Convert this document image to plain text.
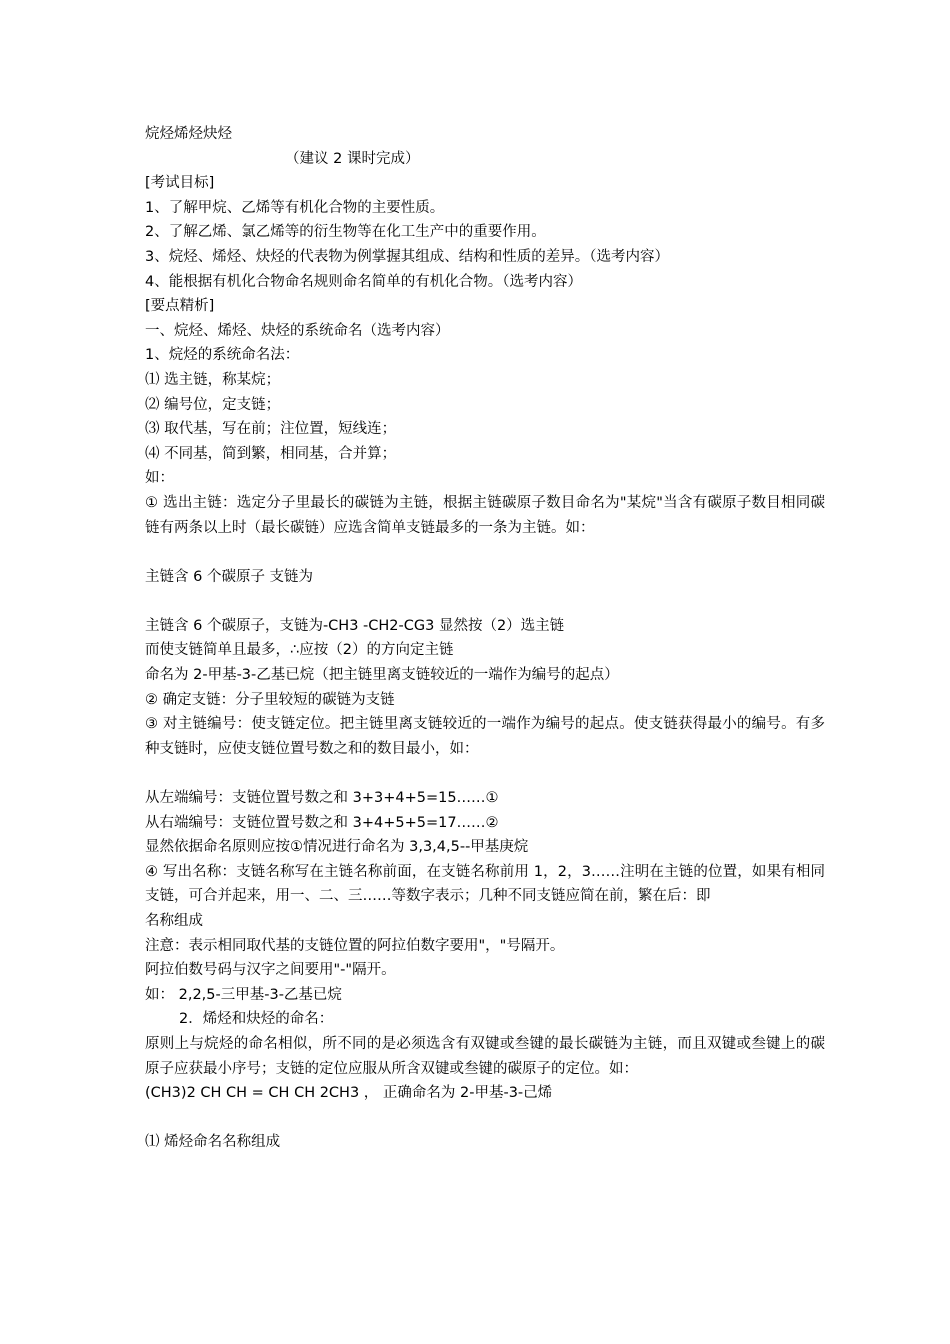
烷烃烯烃炔烃
（建议 2 课时完成）
[考试目标]
1、了解甲烷、乙烯等有机化合物的主要性质。
2、了解乙烯、氯乙烯等的衍生物等在化工生产中的重要作用。
3、烷烃、烯烃、炔烃的代表物为例掌握其组成、结构和性质的差异。（选考内容）
4、能根据有机化合物命名规则命名简单的有机化合物。（选考内容）
[要点精析]
一、烷烃、烯烃、炔烃的系统命名（选考内容）
1、烷烃的系统命名法：
⑴ 选主链，称某烷；
⑵ 编号位，定支链；
⑶ 取代基，写在前；注位置，短线连；
⑷ 不同基，简到繁，相同基，合并算；
如：
① 选出主链：选定分子里最长的碳链为主链，根据主链碳原子数目命名为"某烷"当含有碳原子数目相同碳链有两条以上时（最长碳链）应选含简单支链最多的一条为主链。如：
主链含 6 个碳原子 支链为
主链含 6 个碳原子，支链为-CH3 -CH2-CG3 显然按（2）选主链
而使支链简单且最多，∴应按（2）的方向定主链
命名为 2-甲基-3-乙基已烷（把主链里离支链较近的一端作为编号的起点）
② 确定支链：分子里较短的碳链为支链
③ 对主链编号：使支链定位。把主链里离支链较近的一端作为编号的起点。使支链获得最小的编号。有多种支链时，应使支链位置号数之和的数目最小，如：
从左端编号：支链位置号数之和 3+3+4+5=15……①
从右端编号：支链位置号数之和 3+4+5+5=17……②
显然依据命名原则应按①情况进行命名为 3,3,4,5--甲基庚烷
④ 写出名称：支链名称写在主链名称前面，在支链名称前用 1，2，3……注明在主链的位置，如果有相同支链，可合并起来，用一、二、三……等数字表示；几种不同支链应简在前，繁在后：即
名称组成
注意：表示相同取代基的支链位置的阿拉伯数字要用"，"号隔开。
阿拉伯数号码与汉字之间要用"-"隔开。
如： 2,2,5-三甲基-3-乙基已烷
2．烯烃和炔烃的命名：
原则上与烷烃的命名相似，所不同的是必须选含有双键或叁键的最长碳链为主链，而且双键或叁键上的碳原子应获最小序号；支链的定位应服从所含双键或叁键的碳原子的定位。如：
(CH3)2 CH CH = CH CH 2CH3 ， 正确命名为 2-甲基-3-己烯
⑴ 烯烃命名名称组成
